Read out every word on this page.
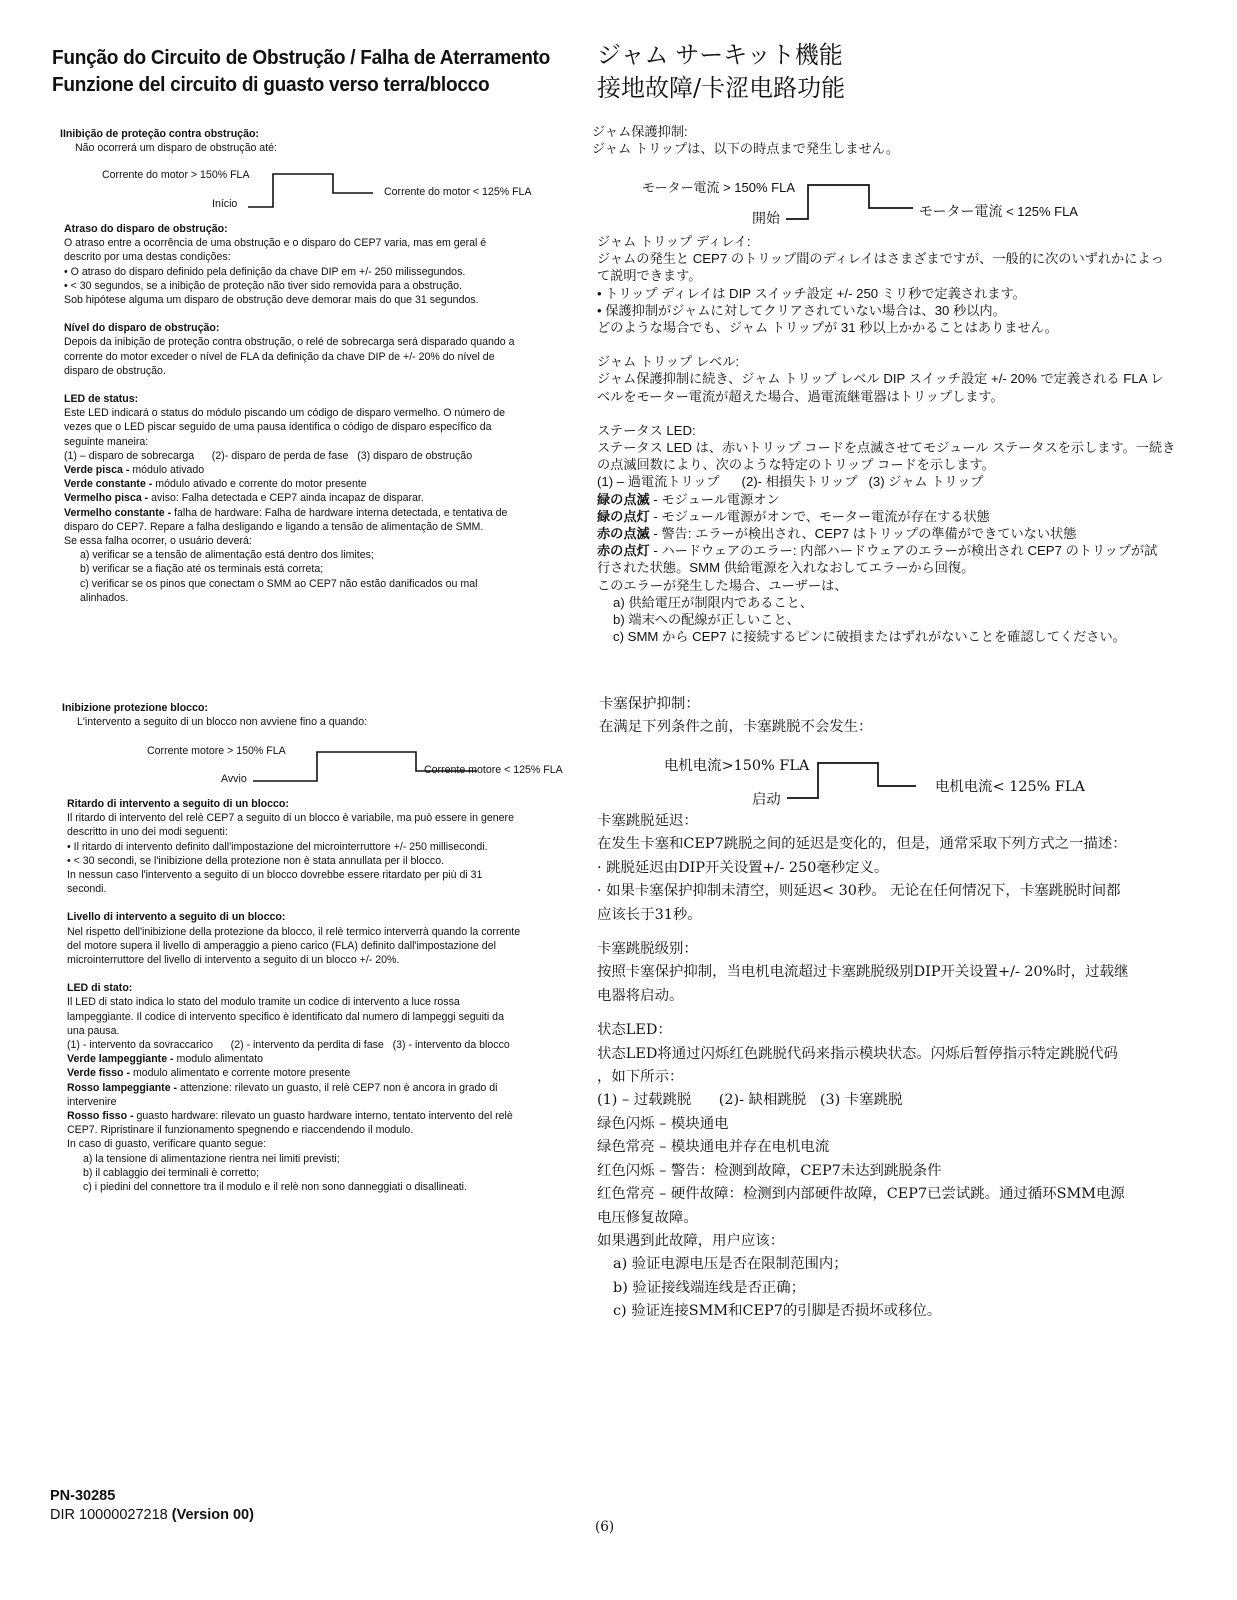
Função do Circuito de Obstrução / Falha de Aterramento
Funzione del circuito di guasto verso terra/blocco
ジャム サーキット機能
接地故障/卡涩电路功能

IInibição de proteção contra obstrução:

Não ocorrerá um disparo de obstrução até:

Corrente do motor > 150% FLA
Início
Corrente do motor < 125% FLA

Atraso do disparo de obstrução:

O atraso entre a ocorrência de uma obstrução e o disparo do CEP7 varia, mas em geral é

descrito por uma destas condições:

• O atraso do disparo definido pela definição da chave DIP em +/- 250 milissegundos.

• < 30 segundos, se a inibição de proteção não tiver sido removida para a obstrução.

Sob hipótese alguma um disparo de obstrução deve demorar mais do que 31 segundos.

Nível do disparo de obstrução:

Depois da inibição de proteção contra obstrução, o relé de sobrecarga será disparado quando a

corrente do motor exceder o nível de FLA da definição da chave DIP de +/- 20% do nível de

disparo de obstrução.

LED de status:

Este LED indicará o status do módulo piscando um código de disparo vermelho. O número de

vezes que o LED piscar seguido de uma pausa identifica o código de disparo específico da

seguinte maneira:

(1) – disparo de sobrecarga      (2)- disparo de perda de fase   (3) disparo de obstrução

Verde pisca - módulo ativado

Verde constante - módulo ativado e corrente do motor presente

Vermelho pisca - aviso: Falha detectada e CEP7 ainda incapaz de disparar.

Vermelho constante - falha de hardware: Falha de hardware interna detectada, e tentativa de

disparo do CEP7. Repare a falha desligando e ligando a tensão de alimentação de SMM.

Se essa falha ocorrer, o usuário deverá:

a) verificar se a tensão de alimentação está dentro dos limites;

b) verificar se a fiação até os terminais está correta;

c) verificar se os pinos que conectam o SMM ao CEP7 não estão danificados ou mal

alinhados.

Inibizione protezione blocco:

L'intervento a seguito di un blocco non avviene fino a quando:

Corrente motore > 150% FLA
Avvio
Corrente motore < 125% FLA

Ritardo di intervento a seguito di un blocco:

Il ritardo di intervento del relè CEP7 a seguito di un blocco è variabile, ma può essere in genere

descritto in uno dei modi seguenti:

• Il ritardo di intervento definito dall'impostazione del microinterruttore +/- 250 millisecondi.

• < 30 secondi, se l'inibizione della protezione non è stata annullata per il blocco.

In nessun caso l'intervento a seguito di un blocco dovrebbe essere ritardato per più di 31

secondi.

Livello di intervento a seguito di un blocco:

Nel rispetto dell'inibizione della protezione da blocco, il relè termico interverrà quando la corrente

del motore supera il livello di amperaggio a pieno carico (FLA) definito dall'impostazione del

microinterruttore del livello di intervento a seguito di un blocco +/- 20%.

LED di stato:

Il LED di stato indica lo stato del modulo tramite un codice di intervento a luce rossa

lampeggiante. Il codice di intervento specifico è identificato dal numero di lampeggi seguiti da

una pausa.

(1) - intervento da sovraccarico      (2) - intervento da perdita di fase   (3) - intervento da blocco

Verde lampeggiante - modulo alimentato

Verde fisso - modulo alimentato e corrente motore presente

Rosso lampeggiante - attenzione: rilevato un guasto, il relè CEP7 non è ancora in grado di

intervenire

Rosso fisso - guasto hardware: rilevato un guasto hardware interno, tentato intervento del relè

CEP7. Ripristinare il funzionamento spegnendo e riaccendendo il modulo.

In caso di guasto, verificare quanto segue:

a) la tensione di alimentazione rientra nei limiti previsti;

b) il cablaggio dei terminali è corretto;

c) i piedini del connettore tra il modulo e il relè non sono danneggiati o disallineati.

ジャム保護抑制:

ジャム トリップは、以下の時点まで発生しません。

モーター電流 > 150% FLA
開始	モーター電流 < 125% FLA

ジャム トリップ ディレイ:

ジャムの発生と CEP7 のトリップ間のディレイはさまざまですが、一般的に次のいずれかによっ

て説明できます。

• トリップ ディレイは DIP スイッチ設定 +/- 250 ミリ秒で定義されます。

• 保護抑制がジャムに対してクリアされていない場合は、30 秒以内。

どのような場合でも、ジャム トリップが 31 秒以上かかることはありません。

ジャム トリップ レベル:

ジャム保護抑制に続き、ジャム トリップ レベル DIP スイッチ設定 +/- 20% で定義される FLA レ

ベルをモーター電流が超えた場合、過電流継電器はトリップします。

ステータス LED:

ステータス LED は、赤いトリップ コードを点滅させてモジュール ステータスを示します。一続き

の点滅回数により、次のような特定のトリップ コードを示します。

(1) – 過電流トリップ      (2)- 相損失トリップ   (3) ジャム トリップ

緑の点滅 - モジュール電源オン

緑の点灯 - モジュール電源がオンで、モーター電流が存在する状態

赤の点滅 - 警告: エラーが検出され、CEP7 はトリップの準備ができていない状態

赤の点灯 - ハードウェアのエラー: 内部ハードウェアのエラーが検出され CEP7 のトリップが試

行された状態。SMM 供給電源を入れなおしてエラーから回復。

このエラーが発生した場合、ユーザーは、

a) 供給電圧が制限内であること、

b) 端末への配線が正しいこと、

c) SMM から CEP7 に接続するピンに破損またはずれがないことを確認してください。

卡塞保护抑制：

在满足下列条件之前，卡塞跳脱不会发生：

电机电流>150% FLA
启动
电机电流< 125% FLA

卡塞跳脱延迟：

在发生卡塞和CEP7跳脱之间的延迟是变化的，但是，通常采取下列方式之一描述：

· 跳脱延迟由DIP开关设置+/- 250毫秒定义。

· 如果卡塞保护抑制未清空，则延迟< 30秒。 无论在任何情况下，卡塞跳脱时间都

应该长于31秒。

卡塞跳脱级别：

按照卡塞保护抑制，当电机电流超过卡塞跳脱级别DIP开关设置+/- 20%时，过载继

电器将启动。

状态LED：

状态LED将通过闪烁红色跳脱代码来指示模块状态。闪烁后暂停指示特定跳脱代码

，如下所示：

(1) – 过载跳脱      (2)- 缺相跳脱   (3) 卡塞跳脱

绿色闪烁 – 模块通电

绿色常亮 – 模块通电并存在电机电流

红色闪烁 – 警告：检测到故障，CEP7未达到跳脱条件

红色常亮 – 硬件故障：检测到内部硬件故障，CEP7已尝试跳。通过循环SMM电源

电压修复故障。

如果遇到此故障，用户应该：

a) 验证电源电压是否在限制范围内；

b) 验证接线端连线是否正确；

c) 验证连接SMM和CEP7的引脚是否损坏或移位。

PN-30285
DIR 10000027218 (Version 00)
(6)
